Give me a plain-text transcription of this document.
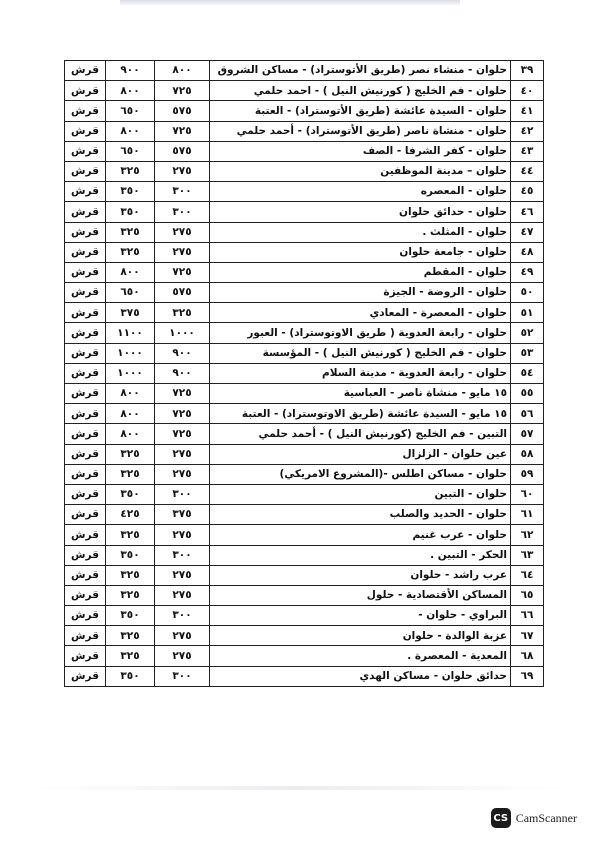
قرش	٩٠٠	٨٠٠	حلوان - منشاء نصر (طريق الأتوستراد) - مساكن الشروق	٣٩
قرش	٨٠٠	٧٢٥	حلوان - فم الخليج ( كورنيش النيل ) - احمد حلمي	٤٠
قرش	٦٥٠	٥٧٥	حلوان - السيدة عائشة (طريق الأتوستراد) - العتبة	٤١
قرش	٨٠٠	٧٢٥	حلوان - منشاة ناصر (طريق الأتوستراد) - أحمد حلمي	٤٢
قرش	٦٥٠	٥٧٥	حلوان - كفر الشرفا - الصف	٤٣
قرش	٣٢٥	٢٧٥	حلوان – مدينة الموظفين	٤٤
قرش	٣٥٠	٣٠٠	حلوان - المعصره	٤٥
قرش	٣٥٠	٣٠٠	حلوان - حدائق حلوان	٤٦
قرش	٣٢٥	٢٧٥	حلوان - المثلث .	٤٧
قرش	٣٢٥	٢٧٥	حلوان - جامعة حلوان	٤٨
قرش	٨٠٠	٧٢٥	حلوان - المقطم	٤٩
قرش	٦٥٠	٥٧٥	حلوان - الروضة - الجيزة	٥٠
قرش	٣٧٥	٣٢٥	حلوان - المعصرة - المعادي	٥١
قرش	١١٠٠	١٠٠٠	حلوان - رابعة العدوية ( طريق الاوتوستراد) - العبور	٥٢
قرش	١٠٠٠	٩٠٠	حلوان - فم الخليج ( كورنيش النيل ) - المؤسسة	٥٣
قرش	١٠٠٠	٩٠٠	حلوان - رابعة العدوية - مدينة السلام	٥٤
قرش	٨٠٠	٧٢٥	١٥ مايو - منشاة ناصر - العباسية	٥٥
قرش	٨٠٠	٧٢٥	١٥ مايو - السيدة عائشة (طريق الاوتوستراد) - العتبة	٥٦
قرش	٨٠٠	٧٢٥	التبين - فم الخليج (كورنيش النيل ) - أحمد حلمي	٥٧
قرش	٣٢٥	٢٧٥	عين حلوان - الزلزال	٥٨
قرش	٣٢٥	٢٧٥	حلوان - مساكن اطلس -(المشروع الامريكي)	٥٩
قرش	٣٥٠	٣٠٠	حلوان - التبين	٦٠
قرش	٤٢٥	٣٧٥	حلوان - الحديد والصلب	٦١
قرش	٣٢٥	٢٧٥	حلوان - عرب غنيم	٦٢
قرش	٣٥٠	٣٠٠	الحكر - التبين .	٦٣
قرش	٣٢٥	٢٧٥	عرب راشد - حلوان	٦٤
قرش	٣٢٥	٢٧٥	المساكن الأقتصادية - حلول	٦٥
قرش	٣٥٠	٣٠٠	البراوي - حلوان -	٦٦
قرش	٣٢٥	٢٧٥	عزبة الوالدة - حلوان	٦٧
قرش	٣٢٥	٢٧٥	المعدية - المعصرة .	٦٨
قرش	٣٥٠	٣٠٠	حدائق حلوان - مساكن الهدي	٦٩
CS CamScanner
